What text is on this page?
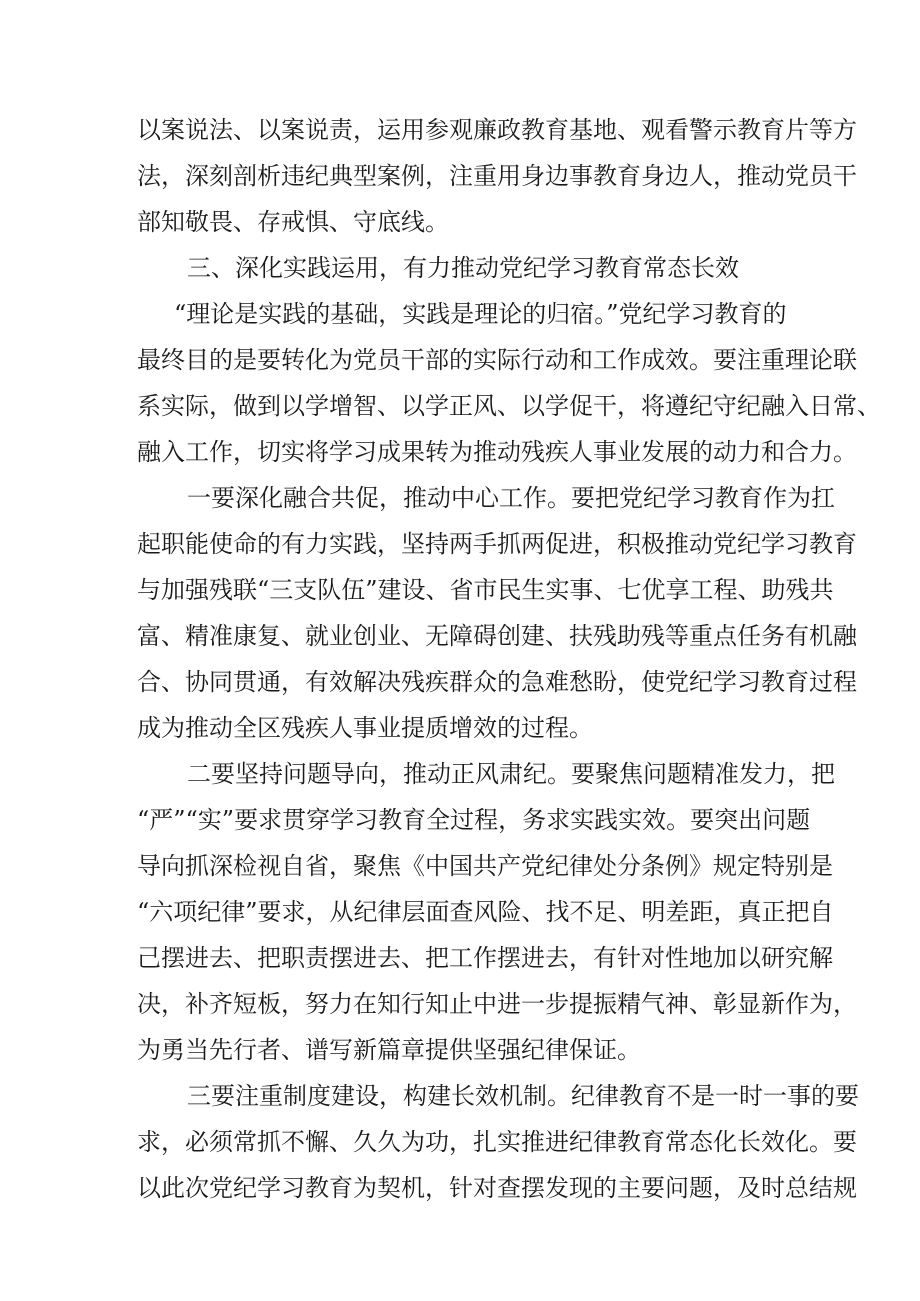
以案说法、以案说责，运用参观廉政教育基地、观看警示教育片等方
法，深刻剖析违纪典型案例，注重用身边事教育身边人，推动党员干
部知敬畏、存戒惧、守底线。
三、深化实践运用，有力推动党纪学习教育常态长效
“理论是实践的基础，实践是理论的归宿。”党纪学习教育的
最终目的是要转化为党员干部的实际行动和工作成效。要注重理论联
系实际，做到以学增智、以学正风、以学促干，将遵纪守纪融入日常、
融入工作，切实将学习成果转为推动残疾人事业发展的动力和合力。
一要深化融合共促，推动中心工作。要把党纪学习教育作为扛
起职能使命的有力实践，坚持两手抓两促进，积极推动党纪学习教育
与加强残联“三支队伍”建设、省市民生实事、七优享工程、助残共
富、精准康复、就业创业、无障碍创建、扶残助残等重点任务有机融
合、协同贯通，有效解决残疾群众的急难愁盼，使党纪学习教育过程
成为推动全区残疾人事业提质增效的过程。
二要坚持问题导向，推动正风肃纪。要聚焦问题精准发力，把
“严”“实”要求贯穿学习教育全过程，务求实践实效。要突出问题
导向抓深检视自省，聚焦《中国共产党纪律处分条例》规定特别是
“六项纪律”要求，从纪律层面查风险、找不足、明差距，真正把自
己摆进去、把职责摆进去、把工作摆进去，有针对性地加以研究解
决，补齐短板，努力在知行知止中进一步提振精气神、彰显新作为，
为勇当先行者、谱写新篇章提供坚强纪律保证。
三要注重制度建设，构建长效机制。纪律教育不是一时一事的要
求，必须常抓不懈、久久为功，扎实推进纪律教育常态化长效化。要
以此次党纪学习教育为契机，针对查摆发现的主要问题，及时总结规
